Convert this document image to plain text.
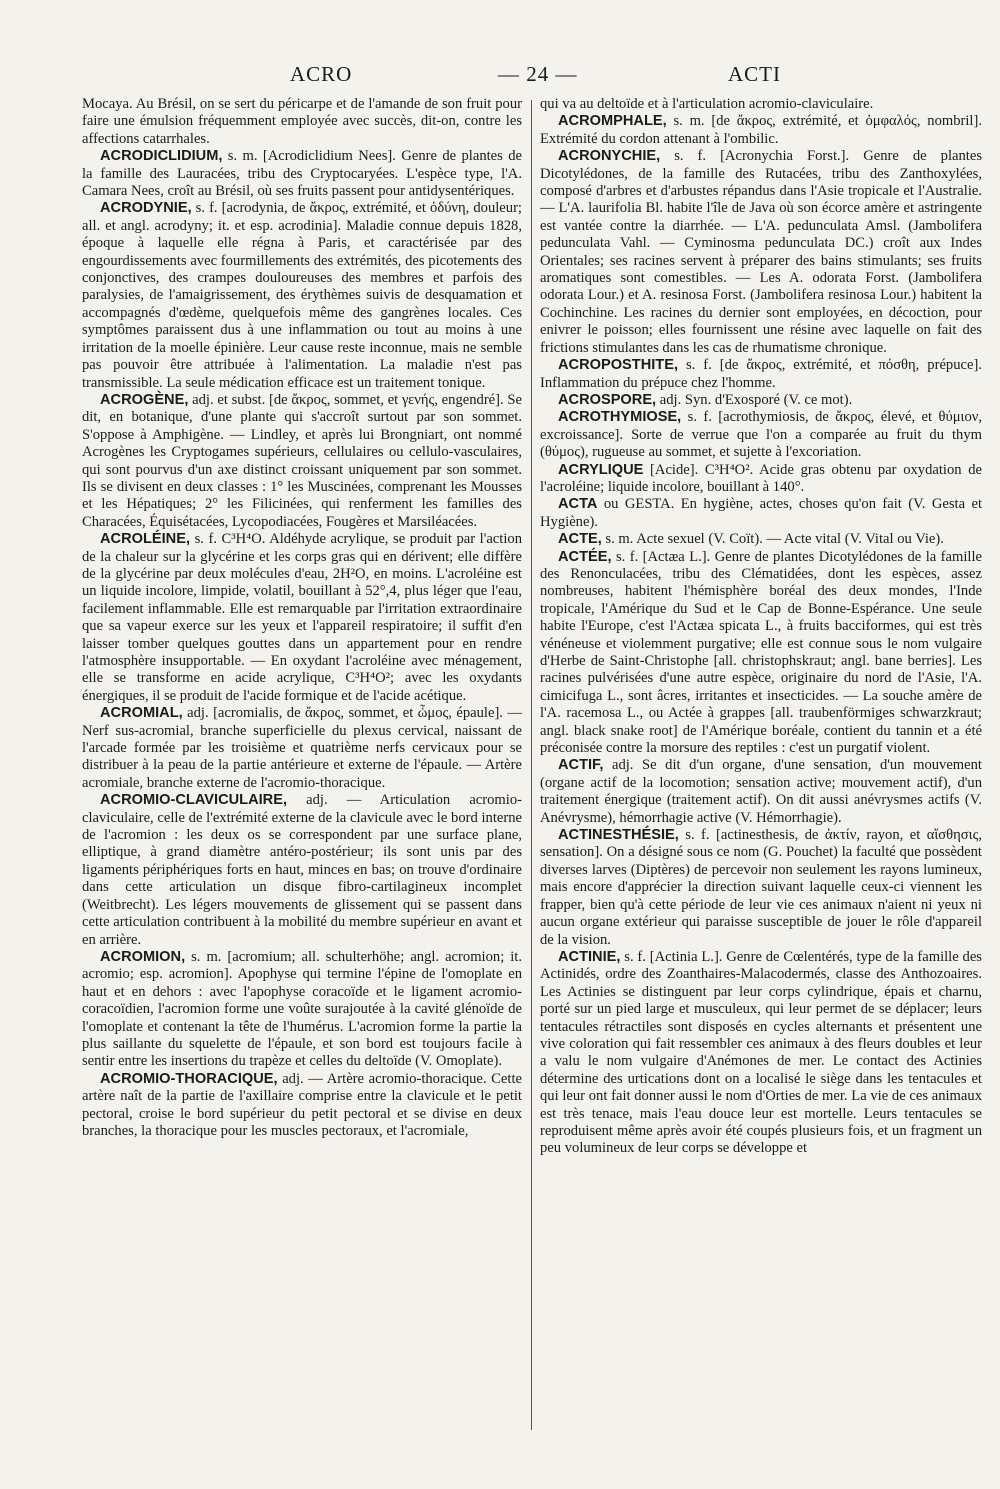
ACRO	— 24 —	ACTI

Mocaya. Au Brésil, on se sert du péricarpe et de l'amande de son fruit pour faire une émulsion fréquemment employée avec succès, dit-on, contre les affections catarrhales.

ACRODICLIDIUM, s. m. [Acrodiclidium Nees]. Genre de plantes de la famille des Lauracées, tribu des Cryptocaryées. L'espèce type, l'A. Camara Nees, croît au Brésil, où ses fruits passent pour antidysentériques.

ACRODYNIE, s. f. [acrodynia, de ἄκρος, extrémité, et ὀδύνη, douleur; all. et angl. acrodyny; it. et esp. acrodinia]. Maladie connue depuis 1828, époque à laquelle elle régna à Paris, et caractérisée par des engourdissements avec fourmillements des extrémités, des picotements des conjonctives, des crampes douloureuses des membres et parfois des paralysies, de l'amaigrissement, des érythèmes suivis de desquamation et accompagnés d'œdème, quelquefois même des gangrènes locales. Ces symptômes paraissent dus à une inflammation ou tout au moins à une irritation de la moelle épinière. Leur cause reste inconnue, mais ne semble pas pouvoir être attribuée à l'alimentation. La maladie n'est pas transmissible. La seule médication efficace est un traitement tonique.

ACROGÈNE, adj. et subst. [de ἄκρος, sommet, et γενής, engendré]. Se dit, en botanique, d'une plante qui s'accroît surtout par son sommet. S'oppose à Amphigène. — Lindley, et après lui Brongniart, ont nommé Acrogènes les Cryptogames supérieurs, cellulaires ou cellulo-vasculaires, qui sont pourvus d'un axe distinct croissant uniquement par son sommet. Ils se divisent en deux classes : 1° les Muscinées, comprenant les Mousses et les Hépatiques; 2° les Filicinées, qui renferment les familles des Characées, Équisétacées, Lycopodiacées, Fougères et Marsiléacées.

ACROLÉINE, s. f. C³H⁴O. Aldéhyde acrylique, se produit par l'action de la chaleur sur la glycérine et les corps gras qui en dérivent; elle diffère de la glycérine par deux molécules d'eau, 2H²O, en moins. L'acroléine est un liquide incolore, limpide, volatil, bouillant à 52°,4, plus léger que l'eau, facilement inflammable. Elle est remarquable par l'irritation extraordinaire que sa vapeur exerce sur les yeux et l'appareil respiratoire; il suffit d'en laisser tomber quelques gouttes dans un appartement pour en rendre l'atmosphère insupportable. — En oxydant l'acroléine avec ménagement, elle se transforme en acide acrylique, C³H⁴O²; avec les oxydants énergiques, il se produit de l'acide formique et de l'acide acétique.

ACROMIAL, adj. [acromialis, de ἄκρος, sommet, et ὦμος, épaule]. — Nerf sus-acromial, branche superficielle du plexus cervical, naissant de l'arcade formée par les troisième et quatrième nerfs cervicaux pour se distribuer à la peau de la partie antérieure et externe de l'épaule. — Artère acromiale, branche externe de l'acromio-thoracique.

ACROMIO-CLAVICULAIRE, adj. — Articulation acromio-claviculaire, celle de l'extrémité externe de la clavicule avec le bord interne de l'acromion : les deux os se correspondent par une surface plane, elliptique, à grand diamètre antéro-postérieur; ils sont unis par des ligaments périphériques forts en haut, minces en bas; on trouve d'ordinaire dans cette articulation un disque fibro-cartilagineux incomplet (Weitbrecht). Les légers mouvements de glissement qui se passent dans cette articulation contribuent à la mobilité du membre supérieur en avant et en arrière.

ACROMION, s. m. [acromium; all. schulterhöhe; angl. acromion; it. acromio; esp. acromion]. Apophyse qui termine l'épine de l'omoplate en haut et en dehors : avec l'apophyse coracoïde et le ligament acromio-coracoïdien, l'acromion forme une voûte surajoutée à la cavité glénoïde de l'omoplate et contenant la tête de l'humérus. L'acromion forme la partie la plus saillante du squelette de l'épaule, et son bord est toujours facile à sentir entre les insertions du trapèze et celles du deltoïde (V. Omoplate).

ACROMIO-THORACIQUE, adj. — Artère acromio-thoracique. Cette artère naît de la partie de l'axillaire comprise entre la clavicule et le petit pectoral, croise le bord supérieur du petit pectoral et se divise en deux branches, la thoracique pour les muscles pectoraux, et l'acromiale,

qui va au deltoïde et à l'articulation acromio-claviculaire.

ACROMPHALE, s. m. [de ἄκρος, extrémité, et ὀμφαλός, nombril]. Extrémité du cordon attenant à l'ombilic.

ACRONYCHIE, s. f. [Acronychia Forst.]. Genre de plantes Dicotylédones, de la famille des Rutacées, tribu des Zanthoxylées, composé d'arbres et d'arbustes répandus dans l'Asie tropicale et l'Australie. — L'A. laurifolia Bl. habite l'île de Java où son écorce amère et astringente est vantée contre la diarrhée. — L'A. pedunculata Amsl. (Jambolifera pedunculata Vahl. — Cyminosma pedunculata DC.) croît aux Indes Orientales; ses racines servent à préparer des bains stimulants; ses fruits aromatiques sont comestibles. — Les A. odorata Forst. (Jambolifera odorata Lour.) et A. resinosa Forst. (Jambolifera resinosa Lour.) habitent la Cochinchine. Les racines du dernier sont employées, en décoction, pour enivrer le poisson; elles fournissent une résine avec laquelle on fait des frictions stimulantes dans les cas de rhumatisme chronique.

ACROPOSTHITE, s. f. [de ἄκρος, extrémité, et πόσθη, prépuce]. Inflammation du prépuce chez l'homme.

ACROSPORE, adj. Syn. d'Exosporé (V. ce mot).

ACROTHYMIOSE, s. f. [acrothymiosis, de ἄκρος, élevé, et θύμιον, excroissance]. Sorte de verrue que l'on a comparée au fruit du thym (θύμος), rugueuse au sommet, et sujette à l'excoriation.

ACRYLIQUE [Acide]. C³H⁴O². Acide gras obtenu par oxydation de l'acroléine; liquide incolore, bouillant à 140°.

ACTA ou GESTA. En hygiène, actes, choses qu'on fait (V. Gesta et Hygiène).

ACTE, s. m. Acte sexuel (V. Coït). — Acte vital (V. Vital ou Vie).

ACTÉE, s. f. [Actæa L.]. Genre de plantes Dicotylédones de la famille des Renonculacées, tribu des Clématidées, dont les espèces, assez nombreuses, habitent l'hémisphère boréal des deux mondes, l'Inde tropicale, l'Amérique du Sud et le Cap de Bonne-Espérance. Une seule habite l'Europe, c'est l'Actæa spicata L., à fruits bacciformes, qui est très vénéneuse et violemment purgative; elle est connue sous le nom vulgaire d'Herbe de Saint-Christophe [all. christophskraut; angl. bane berries]. Les racines pulvérisées d'une autre espèce, originaire du nord de l'Asie, l'A. cimicifuga L., sont âcres, irritantes et insecticides. — La souche amère de l'A. racemosa L., ou Actée à grappes [all. traubenförmiges schwarzkraut; angl. black snake root] de l'Amérique boréale, contient du tannin et a été préconisée contre la morsure des reptiles : c'est un purgatif violent.

ACTIF, adj. Se dit d'un organe, d'une sensation, d'un mouvement (organe actif de la locomotion; sensation active; mouvement actif), d'un traitement énergique (traitement actif). On dit aussi anévrysmes actifs (V. Anévrysme), hémorrhagie active (V. Hémorrhagie).

ACTINESTHÉSIE, s. f. [actinesthesis, de ἀκτίν, rayon, et αἴσθησις, sensation]. On a désigné sous ce nom (G. Pouchet) la faculté que possèdent diverses larves (Diptères) de percevoir non seulement les rayons lumineux, mais encore d'apprécier la direction suivant laquelle ceux-ci viennent les frapper, bien qu'à cette période de leur vie ces animaux n'aient ni yeux ni aucun organe extérieur qui paraisse susceptible de jouer le rôle d'appareil de la vision.

ACTINIE, s. f. [Actinia L.]. Genre de Cœlentérés, type de la famille des Actinidés, ordre des Zoanthaires-Malacodermés, classe des Anthozoaires. Les Actinies se distinguent par leur corps cylindrique, épais et charnu, porté sur un pied large et musculeux, qui leur permet de se déplacer; leurs tentacules rétractiles sont disposés en cycles alternants et présentent une vive coloration qui fait ressembler ces animaux à des fleurs doubles et leur a valu le nom vulgaire d'Anémones de mer. Le contact des Actinies détermine des urtications dont on a localisé le siège dans les tentacules et qui leur ont fait donner aussi le nom d'Orties de mer. La vie de ces animaux est très tenace, mais l'eau douce leur est mortelle. Leurs tentacules se reproduisent même après avoir été coupés plusieurs fois, et un fragment un peu volumineux de leur corps se développe et
